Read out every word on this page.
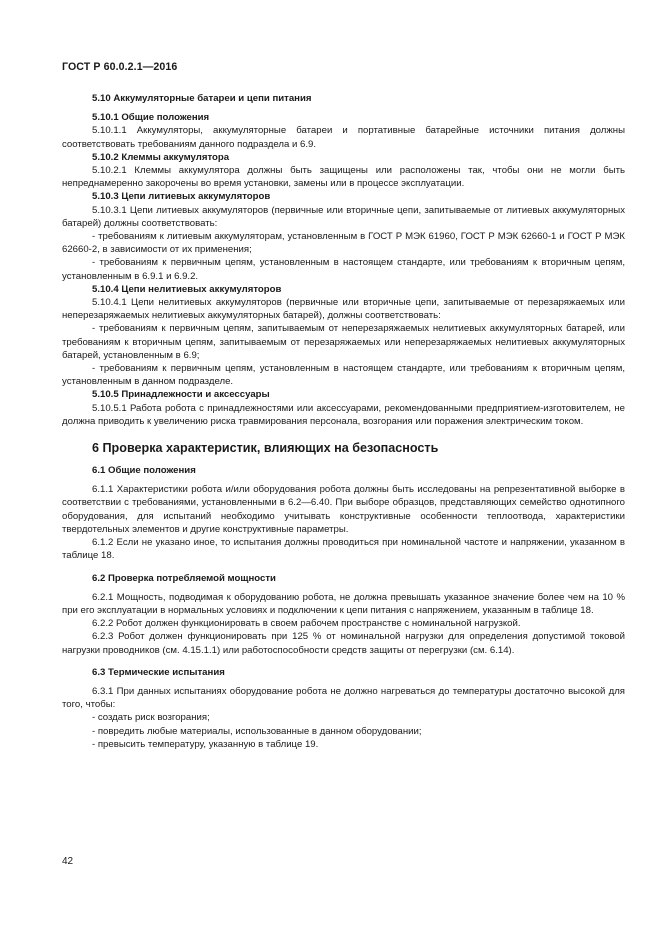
ГОСТ Р 60.0.2.1—2016

5.10 Аккумуляторные батареи и цепи питания

5.10.1 Общие положения

5.10.1.1 Аккумуляторы, аккумуляторные батареи и портативные батарейные источники питания должны соответствовать требованиям данного подраздела и 6.9.

5.10.2 Клеммы аккумулятора

5.10.2.1 Клеммы аккумулятора должны быть защищены или расположены так, чтобы они не могли быть непреднамеренно закорочены во время установки, замены или в процессе эксплуатации.

5.10.3 Цепи литиевых аккумуляторов

5.10.3.1 Цепи литиевых аккумуляторов (первичные или вторичные цепи, запитываемые от литиевых аккумуляторных батарей) должны соответствовать:

- требованиям к литиевым аккумуляторам, установленным в ГОСТ Р МЭК 61960, ГОСТ Р МЭК 62660-1 и ГОСТ Р МЭК 62660-2, в зависимости от их применения;

- требованиям к первичным цепям, установленным в настоящем стандарте, или требованиям к вторичным цепям, установленным в 6.9.1 и 6.9.2.

5.10.4 Цепи нелитиевых аккумуляторов

5.10.4.1 Цепи нелитиевых аккумуляторов (первичные или вторичные цепи, запитываемые от перезаряжаемых или неперезаряжаемых нелитиевых аккумуляторных батарей), должны соответствовать:

- требованиям к первичным цепям, запитываемым от неперезаряжаемых нелитиевых аккумуляторных батарей, или требованиям к вторичным цепям, запитываемым от перезаряжаемых или неперезаряжаемых нелитиевых аккумуляторных батарей, установленным в 6.9;

- требованиям к первичным цепям, установленным в настоящем стандарте, или требованиям к вторичным цепям, установленным в данном подразделе.

5.10.5 Принадлежности и аксессуары

5.10.5.1 Работа робота с принадлежностями или аксессуарами, рекомендованными предприятием-изготовителем, не должна приводить к увеличению риска травмирования персонала, возгорания или поражения электрическим током.

6 Проверка характеристик, влияющих на безопасность

6.1 Общие положения

6.1.1 Характеристики робота и/или оборудования робота должны быть исследованы на репрезентативной выборке в соответствии с требованиями, установленными в 6.2—6.40. При выборе образцов, представляющих семейство однотипного оборудования, для испытаний необходимо учитывать конструктивные особенности теплоотвода, характеристики твердотельных элементов и другие конструктивные параметры.

6.1.2 Если не указано иное, то испытания должны проводиться при номинальной частоте и напряжении, указанном в таблице 18.

6.2 Проверка потребляемой мощности

6.2.1 Мощность, подводимая к оборудованию робота, не должна превышать указанное значение более чем на 10 % при его эксплуатации в нормальных условиях и подключении к цепи питания с напряжением, указанным в таблице 18.

6.2.2 Робот должен функционировать в своем рабочем пространстве с номинальной нагрузкой.

6.2.3 Робот должен функционировать при 125 % от номинальной нагрузки для определения допустимой токовой нагрузки проводников (см. 4.15.1.1) или работоспособности средств защиты от перегрузки (см. 6.14).

6.3 Термические испытания

6.3.1 При данных испытаниях оборудование робота не должно нагреваться до температуры достаточно высокой для того, чтобы:

- создать риск возгорания;

- повредить любые материалы, использованные в данном оборудовании;

- превысить температуру, указанную в таблице 19.

42
